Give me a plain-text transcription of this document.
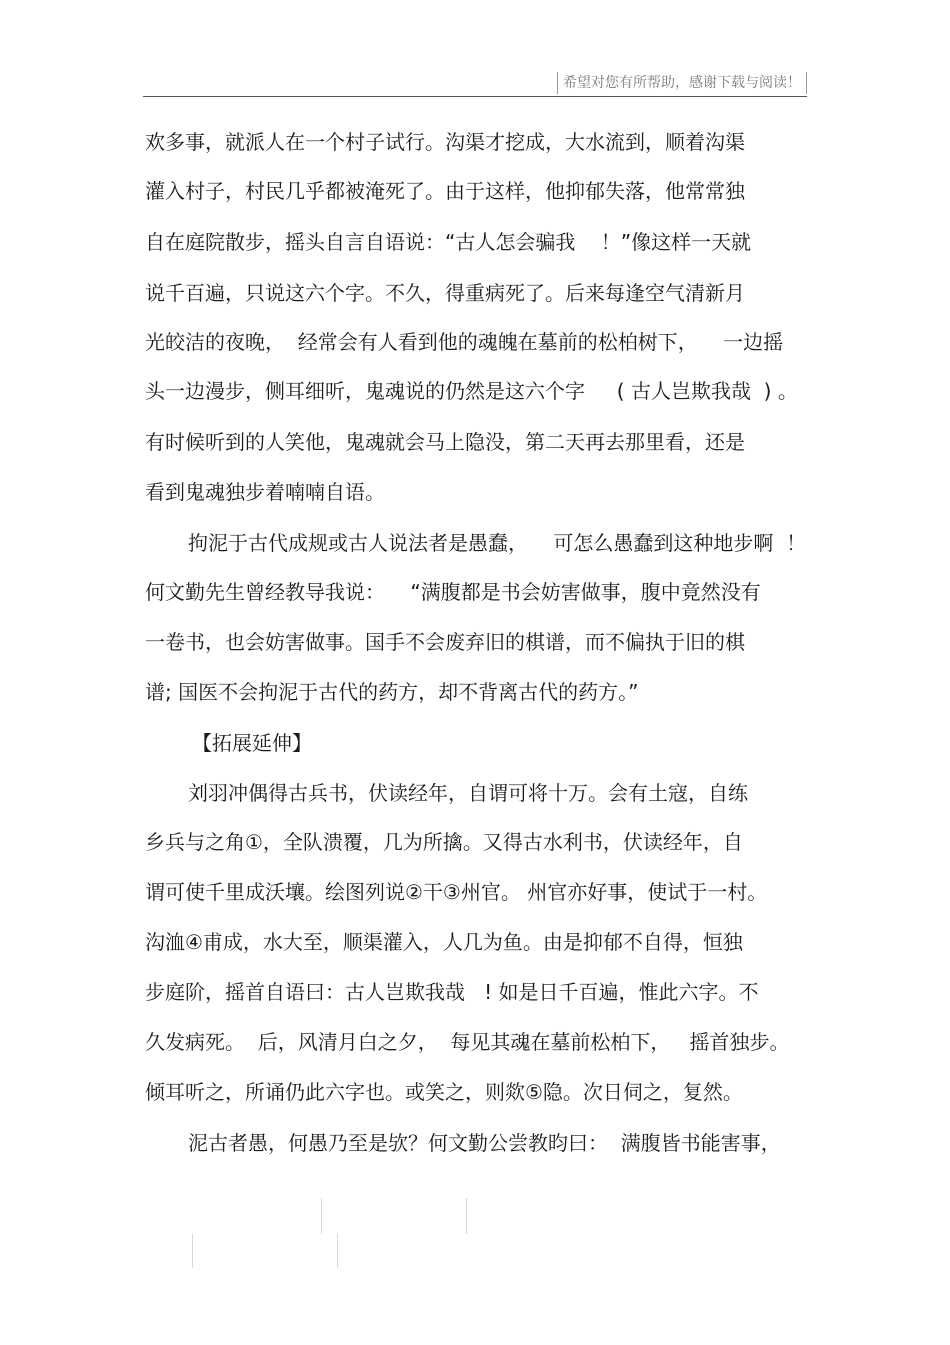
希望对您有所帮助，感谢下载与阅读！
欢多事，就派人在一个村子试行。沟渠才挖成，大水流到，顺着沟渠
灌入村子，村民几乎都被淹死了。由于这样，他抑郁失落，他常常独
自在庭院散步，摇头自言自语说：“古人怎会骗我    ！”像这样一天就
说千百遍，只说这六个字。不久，得重病死了。后来每逢空气清新月
光皎洁的夜晚，  经常会有人看到他的魂魄在墓前的松柏树下，    一边摇
头一边漫步，侧耳细听，鬼魂说的仍然是这六个字     ( 古人岂欺我哉  ) 。
有时候听到的人笑他，鬼魂就会马上隐没，第二天再去那里看，还是
看到鬼魂独步着喃喃自语。
拘泥于古代成规或古人说法者是愚蠢，    可怎么愚蠢到这种地步啊  ！
何文勤先生曾经教导我说：    “满腹都是书会妨害做事，腹中竟然没有
一卷书，也会妨害做事。国手不会废弃旧的棋谱，而不偏执于旧的棋
谱; 国医不会拘泥于古代的药方，却不背离古代的药方。”
【拓展延伸】
刘羽冲偶得古兵书，伏读经年，自谓可将十万。会有土寇，自练
乡兵与之角①，全队溃覆，几为所擒。又得古水利书，伏读经年，自
谓可使千里成沃壤。绘图列说②干③州官。 州官亦好事，使试于一村。
沟洫④甫成，水大至，顺渠灌入，人几为鱼。由是抑郁不自得，恒独
步庭阶，摇首自语曰：古人岂欺我哉   ! 如是日千百遍，惟此六字。不
久发病死。  后，风清月白之夕，  每见其魂在墓前松柏下，   摇首独步。
倾耳听之，所诵仍此六字也。或笑之，则欻⑤隐。次日伺之，复然。
泥古者愚，何愚乃至是欤？何文勤公尝教昀曰：  满腹皆书能害事，
